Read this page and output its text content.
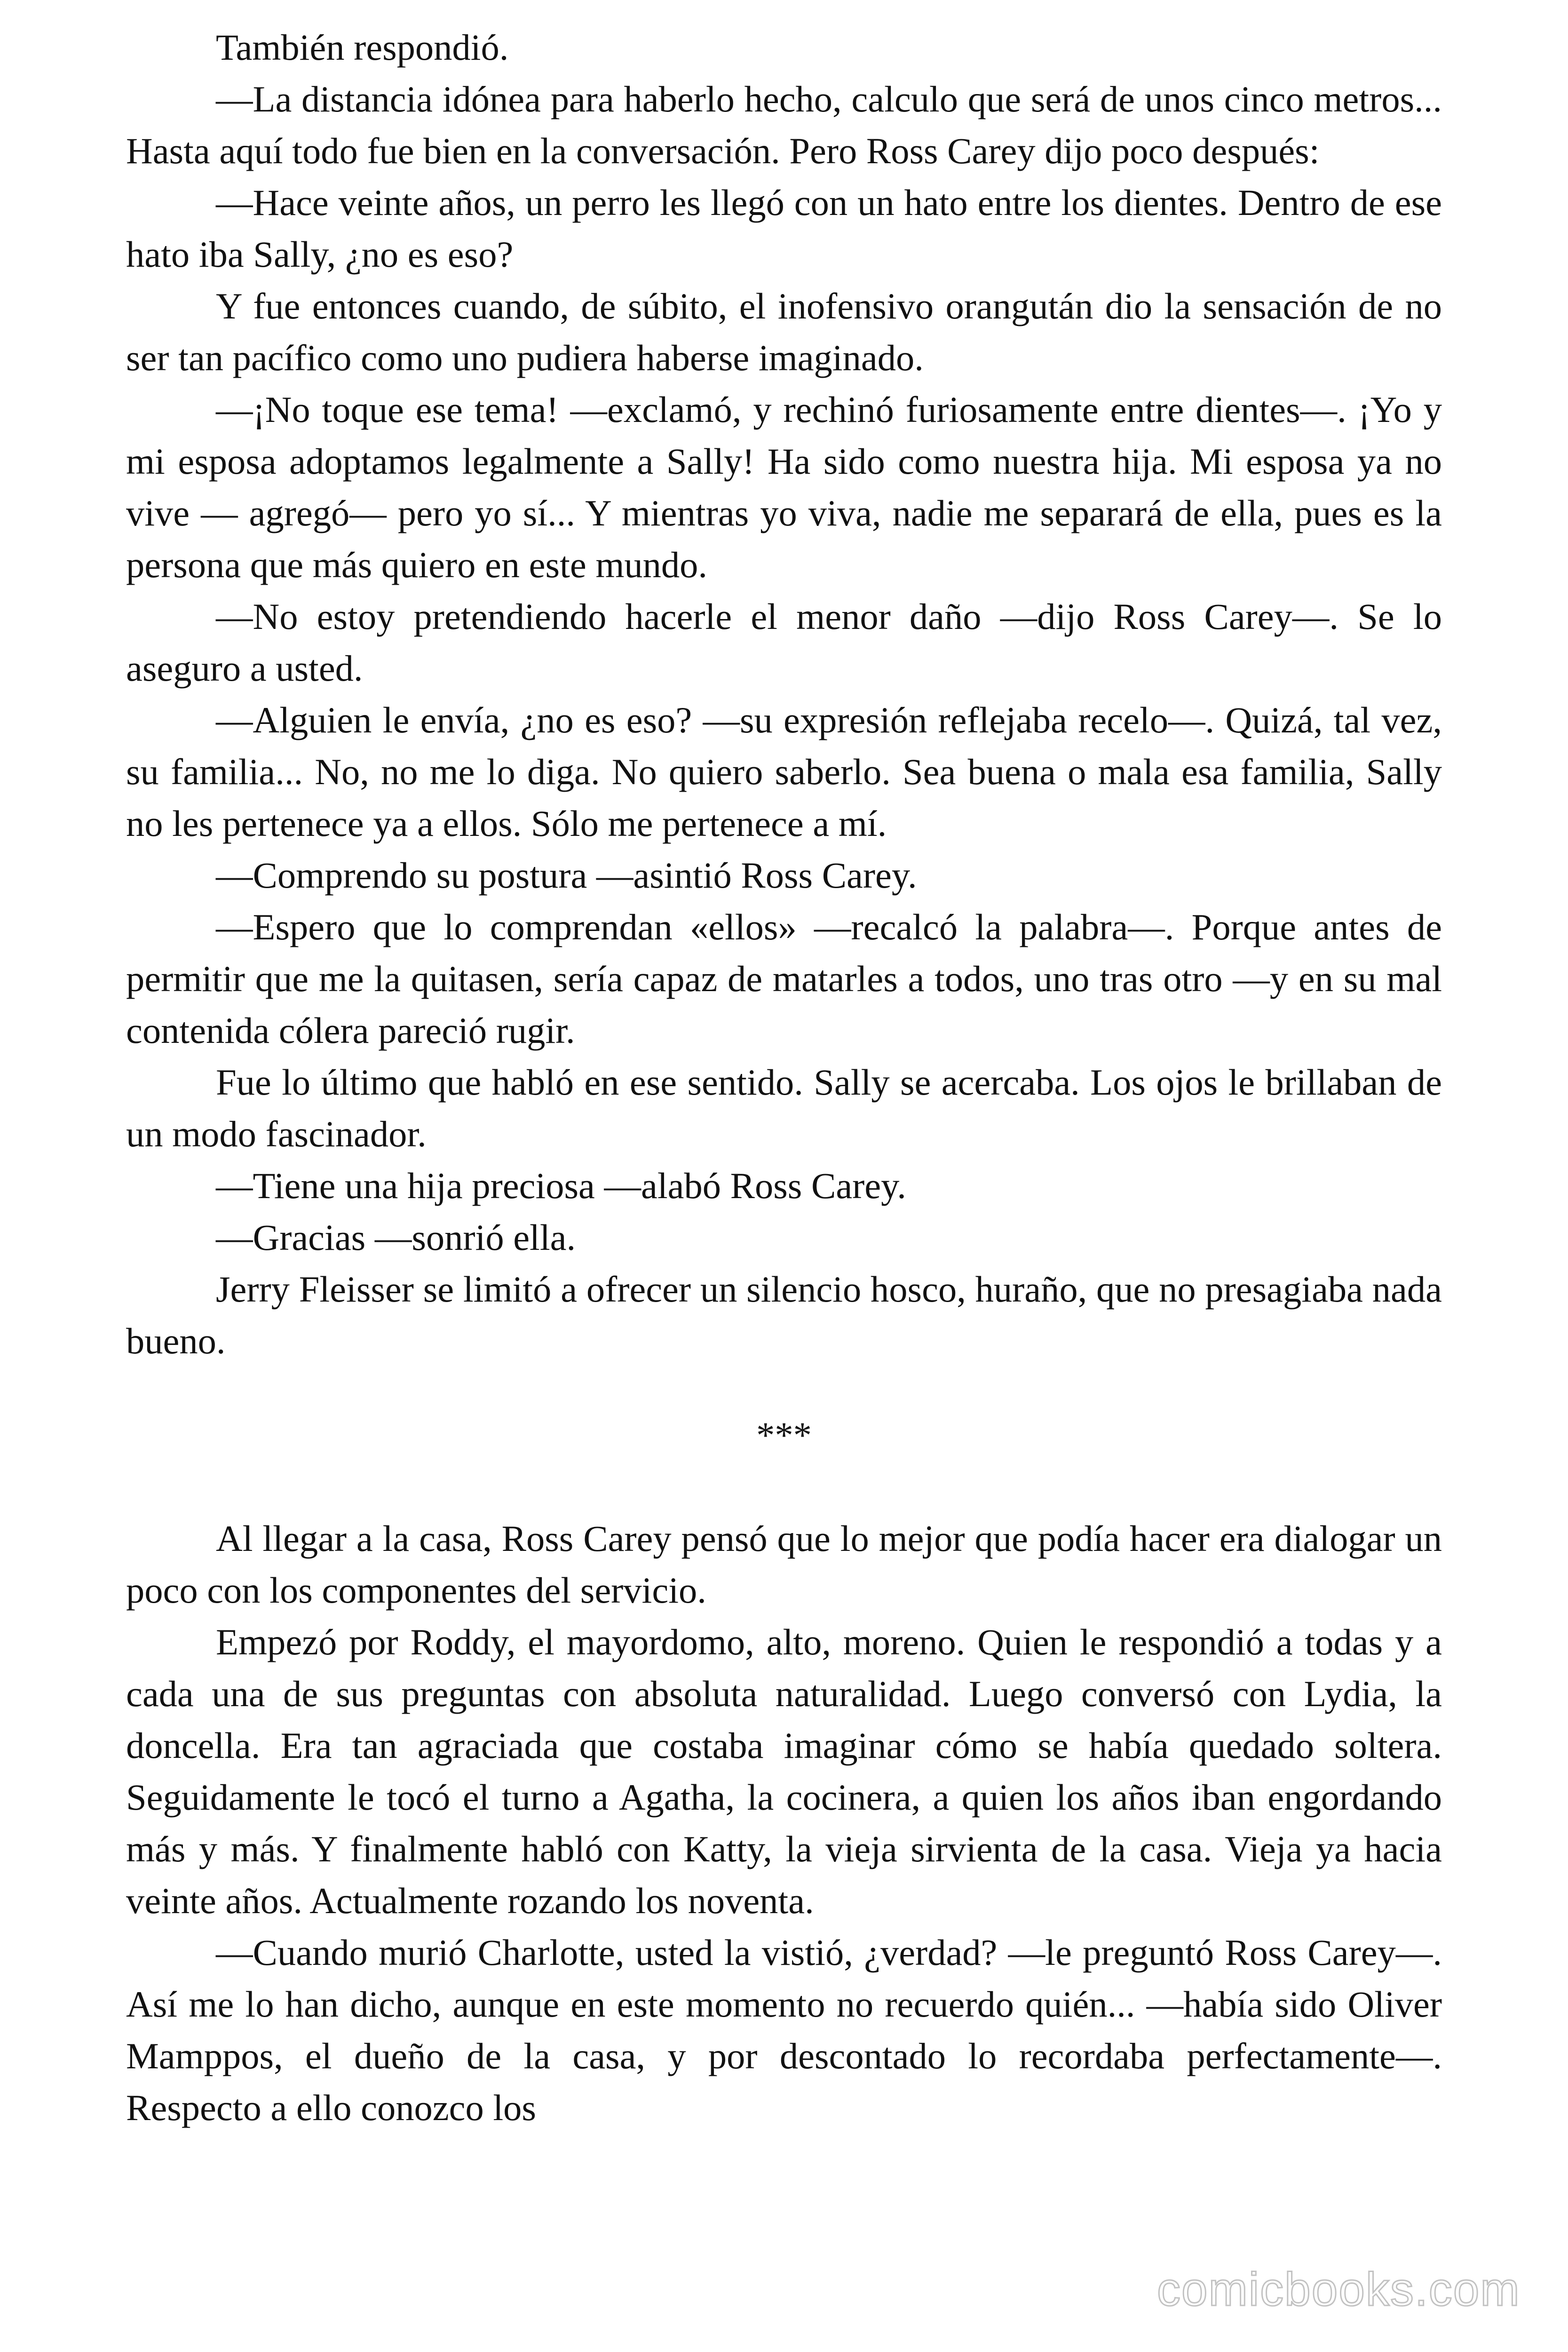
También respondió.

—La distancia idónea para haberlo hecho, calculo que será de unos cinco metros... Hasta aquí todo fue bien en la conversación. Pero Ross Carey dijo poco después:

—Hace veinte años, un perro les llegó con un hato entre los dientes. Dentro de ese hato iba Sally, ¿no es eso?

Y fue entonces cuando, de súbito, el inofensivo orangután dio la sensación de no ser tan pacífico como uno pudiera haberse imaginado.

—¡No toque ese tema! —exclamó, y rechinó furiosamente entre dientes—. ¡Yo y mi esposa adoptamos legalmente a Sally! Ha sido como nuestra hija. Mi esposa ya no vive — agregó— pero yo sí... Y mientras yo viva, nadie me separará de ella, pues es la persona que más quiero en este mundo.

—No estoy pretendiendo hacerle el menor daño —dijo Ross Carey—. Se lo aseguro a usted.

—Alguien le envía, ¿no es eso? —su expresión reflejaba recelo—. Quizá, tal vez, su familia... No, no me lo diga. No quiero saberlo. Sea buena o mala esa familia, Sally no les pertenece ya a ellos. Sólo me pertenece a mí.

—Comprendo su postura —asintió Ross Carey.

—Espero que lo comprendan «ellos» —recalcó la palabra—. Porque antes de permitir que me la quitasen, sería capaz de matarles a todos, uno tras otro —y en su mal contenida cólera pareció rugir.

Fue lo último que habló en ese sentido. Sally se acercaba. Los ojos le brillaban de un modo fascinador.

—Tiene una hija preciosa —alabó Ross Carey.

—Gracias —sonrió ella.

Jerry Fleisser se limitó a ofrecer un silencio hosco, huraño, que no presagiaba nada bueno.

***

Al llegar a la casa, Ross Carey pensó que lo mejor que podía hacer era dialogar un poco con los componentes del servicio.

Empezó por Roddy, el mayordomo, alto, moreno. Quien le respondió a todas y a cada una de sus preguntas con absoluta naturalidad. Luego conversó con Lydia, la doncella. Era tan agraciada que costaba imaginar cómo se había quedado soltera. Seguidamente le tocó el turno a Agatha, la cocinera, a quien los años iban engordando más y más. Y finalmente habló con Katty, la vieja sirvienta de la casa. Vieja ya hacia veinte años. Actualmente rozando los noventa.

—Cuando murió Charlotte, usted la vistió, ¿verdad? —le preguntó Ross Carey—. Así me lo han dicho, aunque en este momento no recuerdo quién... —había sido Oliver Mamppos, el dueño de la casa, y por descontado lo recordaba perfectamente—. Respecto a ello conozco los

comicbooks.com
